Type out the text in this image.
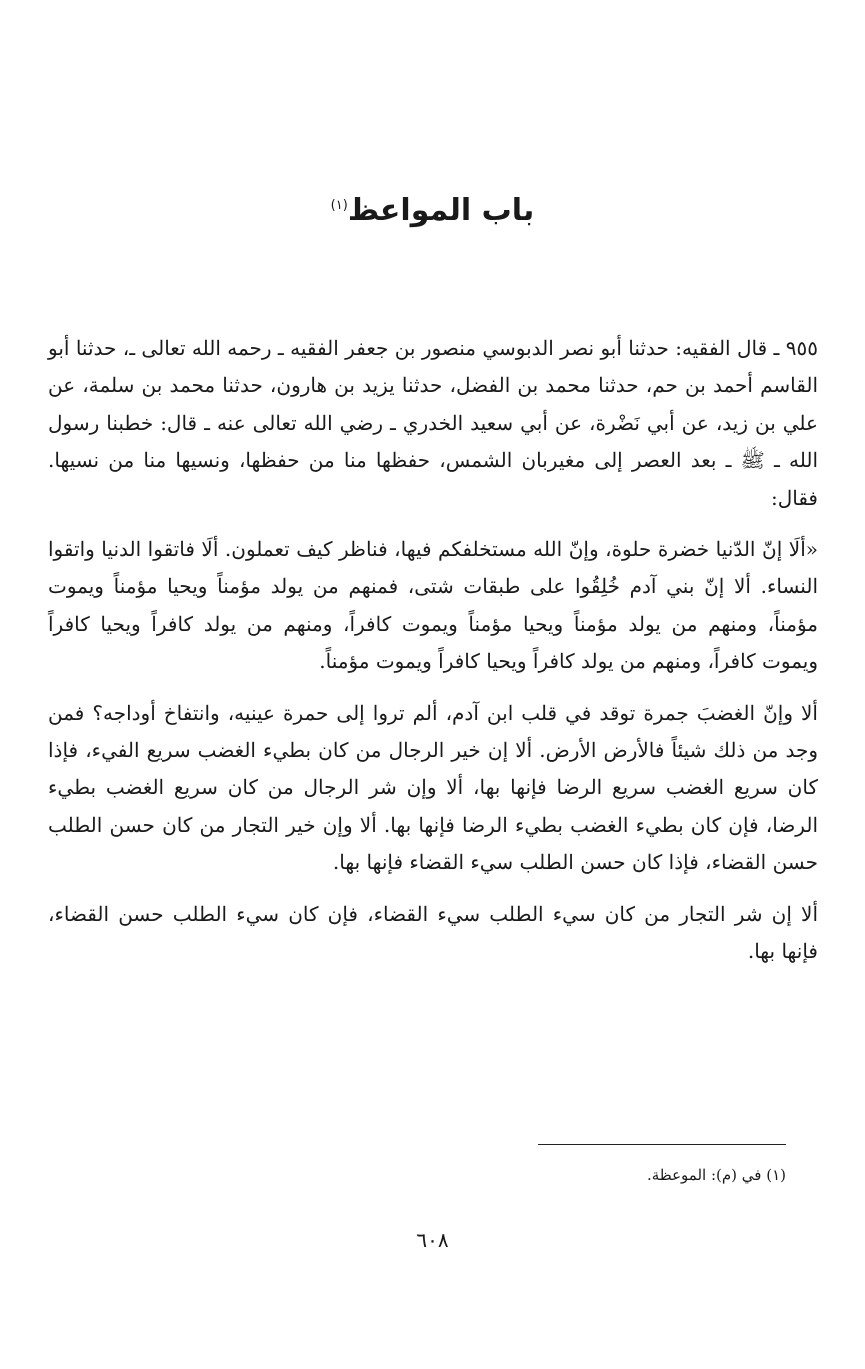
باب المواعظ$^{(١)}$

٩٥٥ ـ قال الفقيه: حدثنا أبو نصر الدبوسي منصور بن جعفر الفقيه ـ رحمه الله تعالى ـ، حدثنا أبو القاسم أحمد بن حم، حدثنا محمد بن الفضل، حدثنا يزيد بن هارون، حدثنا محمد بن سلمة، عن علي بن زيد، عن أبي نَضْرة، عن أبي سعيد الخدري ـ رضي الله تعالى عنه ـ قال: خطبنا رسول الله ـ ﷺ ـ بعد العصر إلى مغيربان الشمس، حفظها منا من حفظها، ونسيها منا من نسيها. فقال:

«ألَا إنّ الدّنيا خضرة حلوة، وإنّ الله مستخلفكم فيها، فناظر كيف تعملون. ألَا فاتقوا الدنيا واتقوا النساء. ألا إنّ بني آدم خُلِقُوا على طبقات شتى، فمنهم من يولد مؤمناً ويحيا مؤمناً ويموت مؤمناً، ومنهم من يولد مؤمناً ويحيا مؤمناً ويموت كافراً، ومنهم من يولد كافراً ويحيا كافراً ويموت كافراً، ومنهم من يولد كافراً ويحيا كافراً ويموت مؤمناً.

ألا وإنّ الغضبَ جمرة توقد في قلب ابن آدم، ألم تروا إلى حمرة عينيه، وانتفاخ أوداجه؟ فمن وجد من ذلك شيئاً فالأرض الأرض. ألا إن خير الرجال من كان بطيء الغضب سريع الفيء، فإذا كان سريع الغضب سريع الرضا فإنها بها، ألا وإن شر الرجال من كان سريع الغضب بطيء الرضا، فإن كان بطيء الغضب بطيء الرضا فإنها بها. ألا وإن خير التجار من كان حسن الطلب حسن القضاء، فإذا كان حسن الطلب سيء القضاء فإنها بها.

ألا إن شر التجار من كان سيء الطلب سيء القضاء، فإن كان سيء الطلب حسن القضاء، فإنها بها.

(١) في (م): الموعظة.
٦٠٨
